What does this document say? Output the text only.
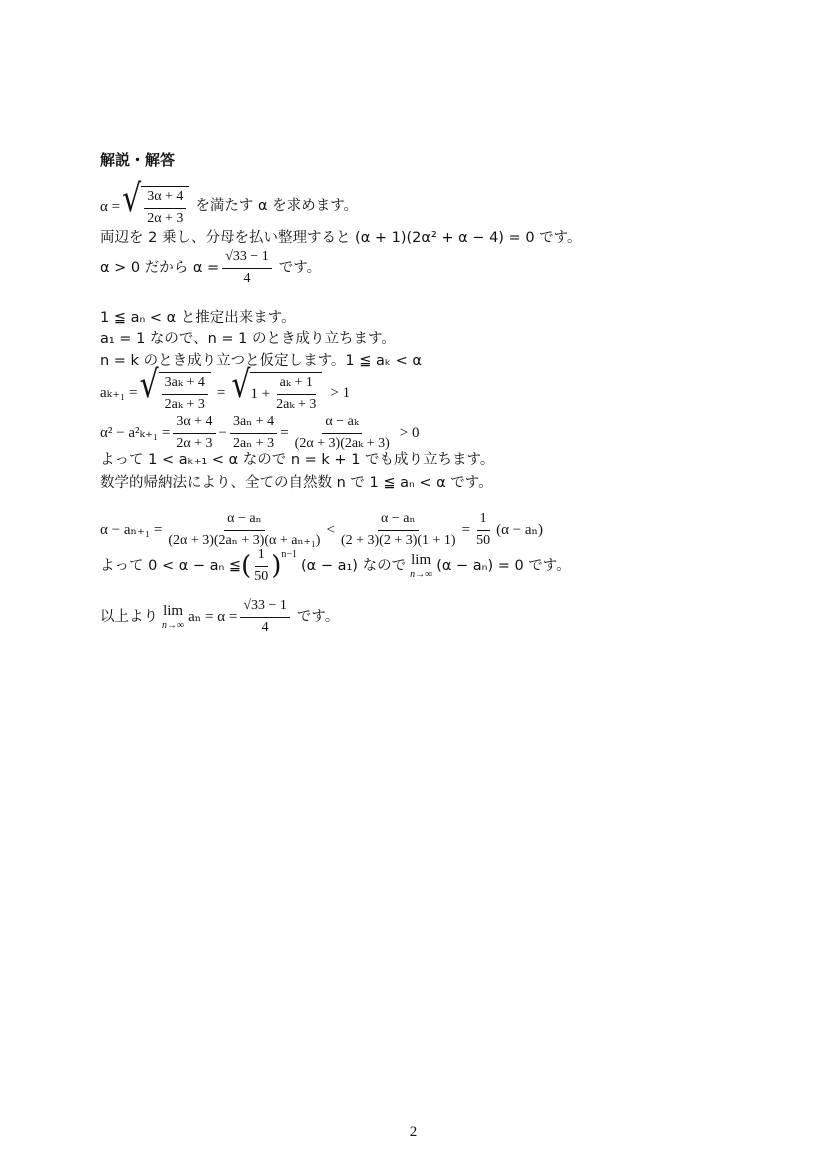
解説・解答
α = √ $\frac{3\alpha + 4}{2\alpha + 3}$ を満たす α を求めます。
両辺を 2 乗し、分母を払い整理すると (α + 1)(2α² + α − 4) = 0 です。
α > 0 だから $\alpha = \frac{√33 - 1}{4}$ です。
1 ≦ aₙ < α と推定出来ます。
a₁ = 1 なので、n = 1 のとき成り立ちます。
n = k のとき成り立つと仮定します。1 ≦ aₖ < α
aₖ₊₁ = √ $\frac{\text{3aₖ + 4}}{\text{2aₖ + 3}}$ = √ $1 + \frac{\text{aₖ + 1}}{\text{2aₖ + 3}} > 1$
$\alpha^2 - a^2_{k+1} = \frac{3\alpha + 4}{2\alpha + 3} - \frac{\text{3aₙ + 4}}{\text{2aₙ + 3}} = \frac{\text{α − aₖ}}{\text{(2α + 3)(2aₖ + 3)}} > 0$
よって 1 < aₖ₊₁ < α なので n = k + 1 でも成り立ちます。
数学的帰納法により、全ての自然数 n で 1 ≦ aₙ < α です。
$\alpha - a_{n+1} = \frac{\text{α − aₙ}}{\text{(2α + 3)(2aₙ + 3)(α + aₙ₊₁)}} < \frac{\text{α − aₙ}}{(2 + 3)(2 + 3)(1 + 1)} = \frac{1}{50} (\alpha - a_n)$
よって 0 < α − aₙ ≦ ( $\frac{1}{50}$ ) n−1
(α − a₁) なので lim
n→∞
(α − aₙ) = 0 です。
以上より lim
n→∞
$a_n = \alpha = \frac{√33 - 1}{4}$ です。
2
